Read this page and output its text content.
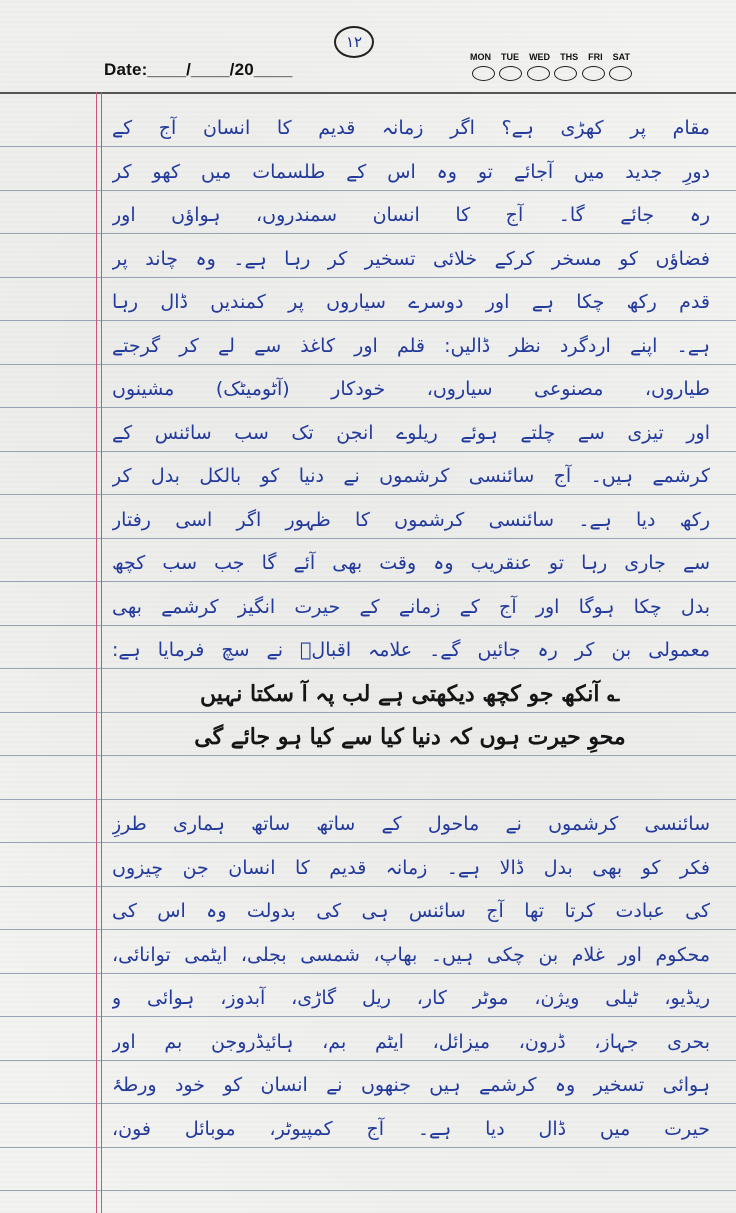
۱۲
Date:____/____/20____
MON TUE WED THS FRI SAT
مقام پر کھڑی ہے؟ اگر زمانہ قدیم کا انسان آج کے
دورِ جدید میں آجائے تو وہ اس کے طلسمات میں کھو کر
رہ جائے گا۔ آج کا انسان سمندروں، ہواؤں اور
فضاؤں کو مسخر کرکے خلائی تسخیر کر رہا ہے۔ وہ چاند پر
قدم رکھ چکا ہے اور دوسرے سیاروں پر کمندیں ڈال رہا
ہے۔ اپنے اردگرد نظر ڈالیں: قلم اور کاغذ سے لے کر گرجتے
طیاروں، مصنوعی سیاروں، خودکار (آٹومیٹک) مشینوں
اور تیزی سے چلتے ہوئے ریلوے انجن تک سب سائنس کے
کرشمے ہیں۔ آج سائنسی کرشموں نے دنیا کو بالکل بدل کر
رکھ دیا ہے۔ سائنسی کرشموں کا ظہور اگر اسی رفتار
سے جاری رہا تو عنقریب وہ وقت بھی آئے گا جب سب کچھ
بدل چکا ہوگا اور آج کے زمانے کے حیرت انگیز کرشمے بھی
معمولی بن کر رہ جائیں گے۔ علامہ اقبالؒ نے سچ فرمایا ہے:
؎ آنکھ جو کچھ دیکھتی ہے لب پہ آ سکتا نہیں
محوِ حیرت ہوں کہ دنیا کیا سے کیا ہو جائے گی
سائنسی کرشموں نے ماحول کے ساتھ ساتھ ہماری طرزِ
فکر کو بھی بدل ڈالا ہے۔ زمانہ قدیم کا انسان جن چیزوں
کی عبادت کرتا تھا آج سائنس ہی کی بدولت وہ اس کی
محکوم اور غلام بن چکی ہیں۔ بھاپ، شمسی بجلی، ایٹمی توانائی،
ریڈیو، ٹیلی ویژن، موٹر کار، ریل گاڑی، آبدوز، ہوائی و
بحری جہاز، ڈرون، میزائل، ایٹم بم، ہائیڈروجن بم اور
ہوائی تسخیر وہ کرشمے ہیں جنھوں نے انسان کو خود ورطۂ
حیرت میں ڈال دیا ہے۔ آج کمپیوٹر، موبائل فون،
